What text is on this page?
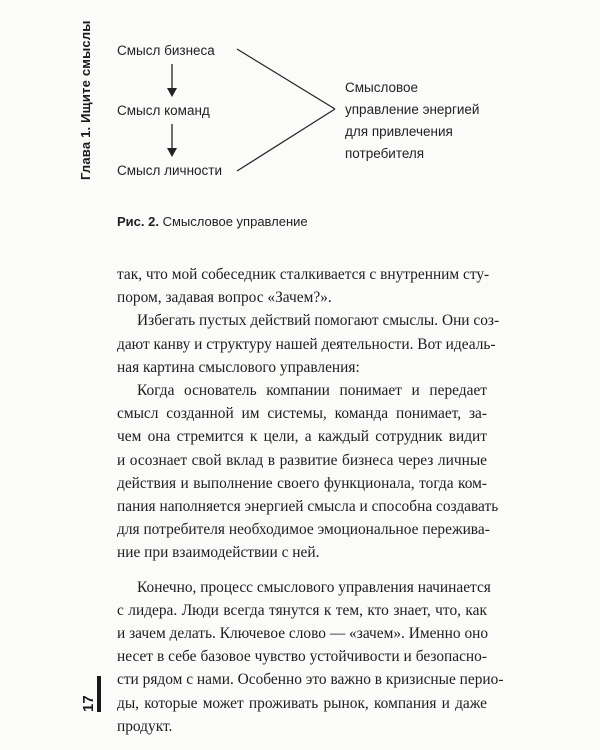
Глава 1. Ищите смыслы Смысл бизнеса
Смысл команд
Смысл личности
Смысловое
управление энергией
для привлечения
потребителя
Рис. 2. Смысловое управление

так, что мой собеседник сталкивается с внутренним сту-

пором, задавая вопрос «Зачем?».

Избегать пустых действий помогают смыслы. Они соз-

дают канву и структуру нашей деятельности. Вот идеаль-

ная картина смыслового управления:

Когда основатель компании понимает и передает

смысл созданной им системы, команда понимает, за-

чем она стремится к цели, а каждый сотрудник видит

и осознает свой вклад в развитие бизнеса через личные

действия и выполнение своего функционала, тогда ком-

пания наполняется энергией смысла и способна создавать

для потребителя необходимое эмоциональное пережива-

ние при взаимодействии с ней.

Конечно, процесс смыслового управления начинается

с лидера. Люди всегда тянутся к тем, кто знает, что, как

и зачем делать. Ключевое слово — «зачем». Именно оно

несет в себе базовое чувство устойчивости и безопасно-

сти рядом с нами. Особенно это важно в кризисные перио-

ды, которые может проживать рынок, компания и даже

продукт.

17
